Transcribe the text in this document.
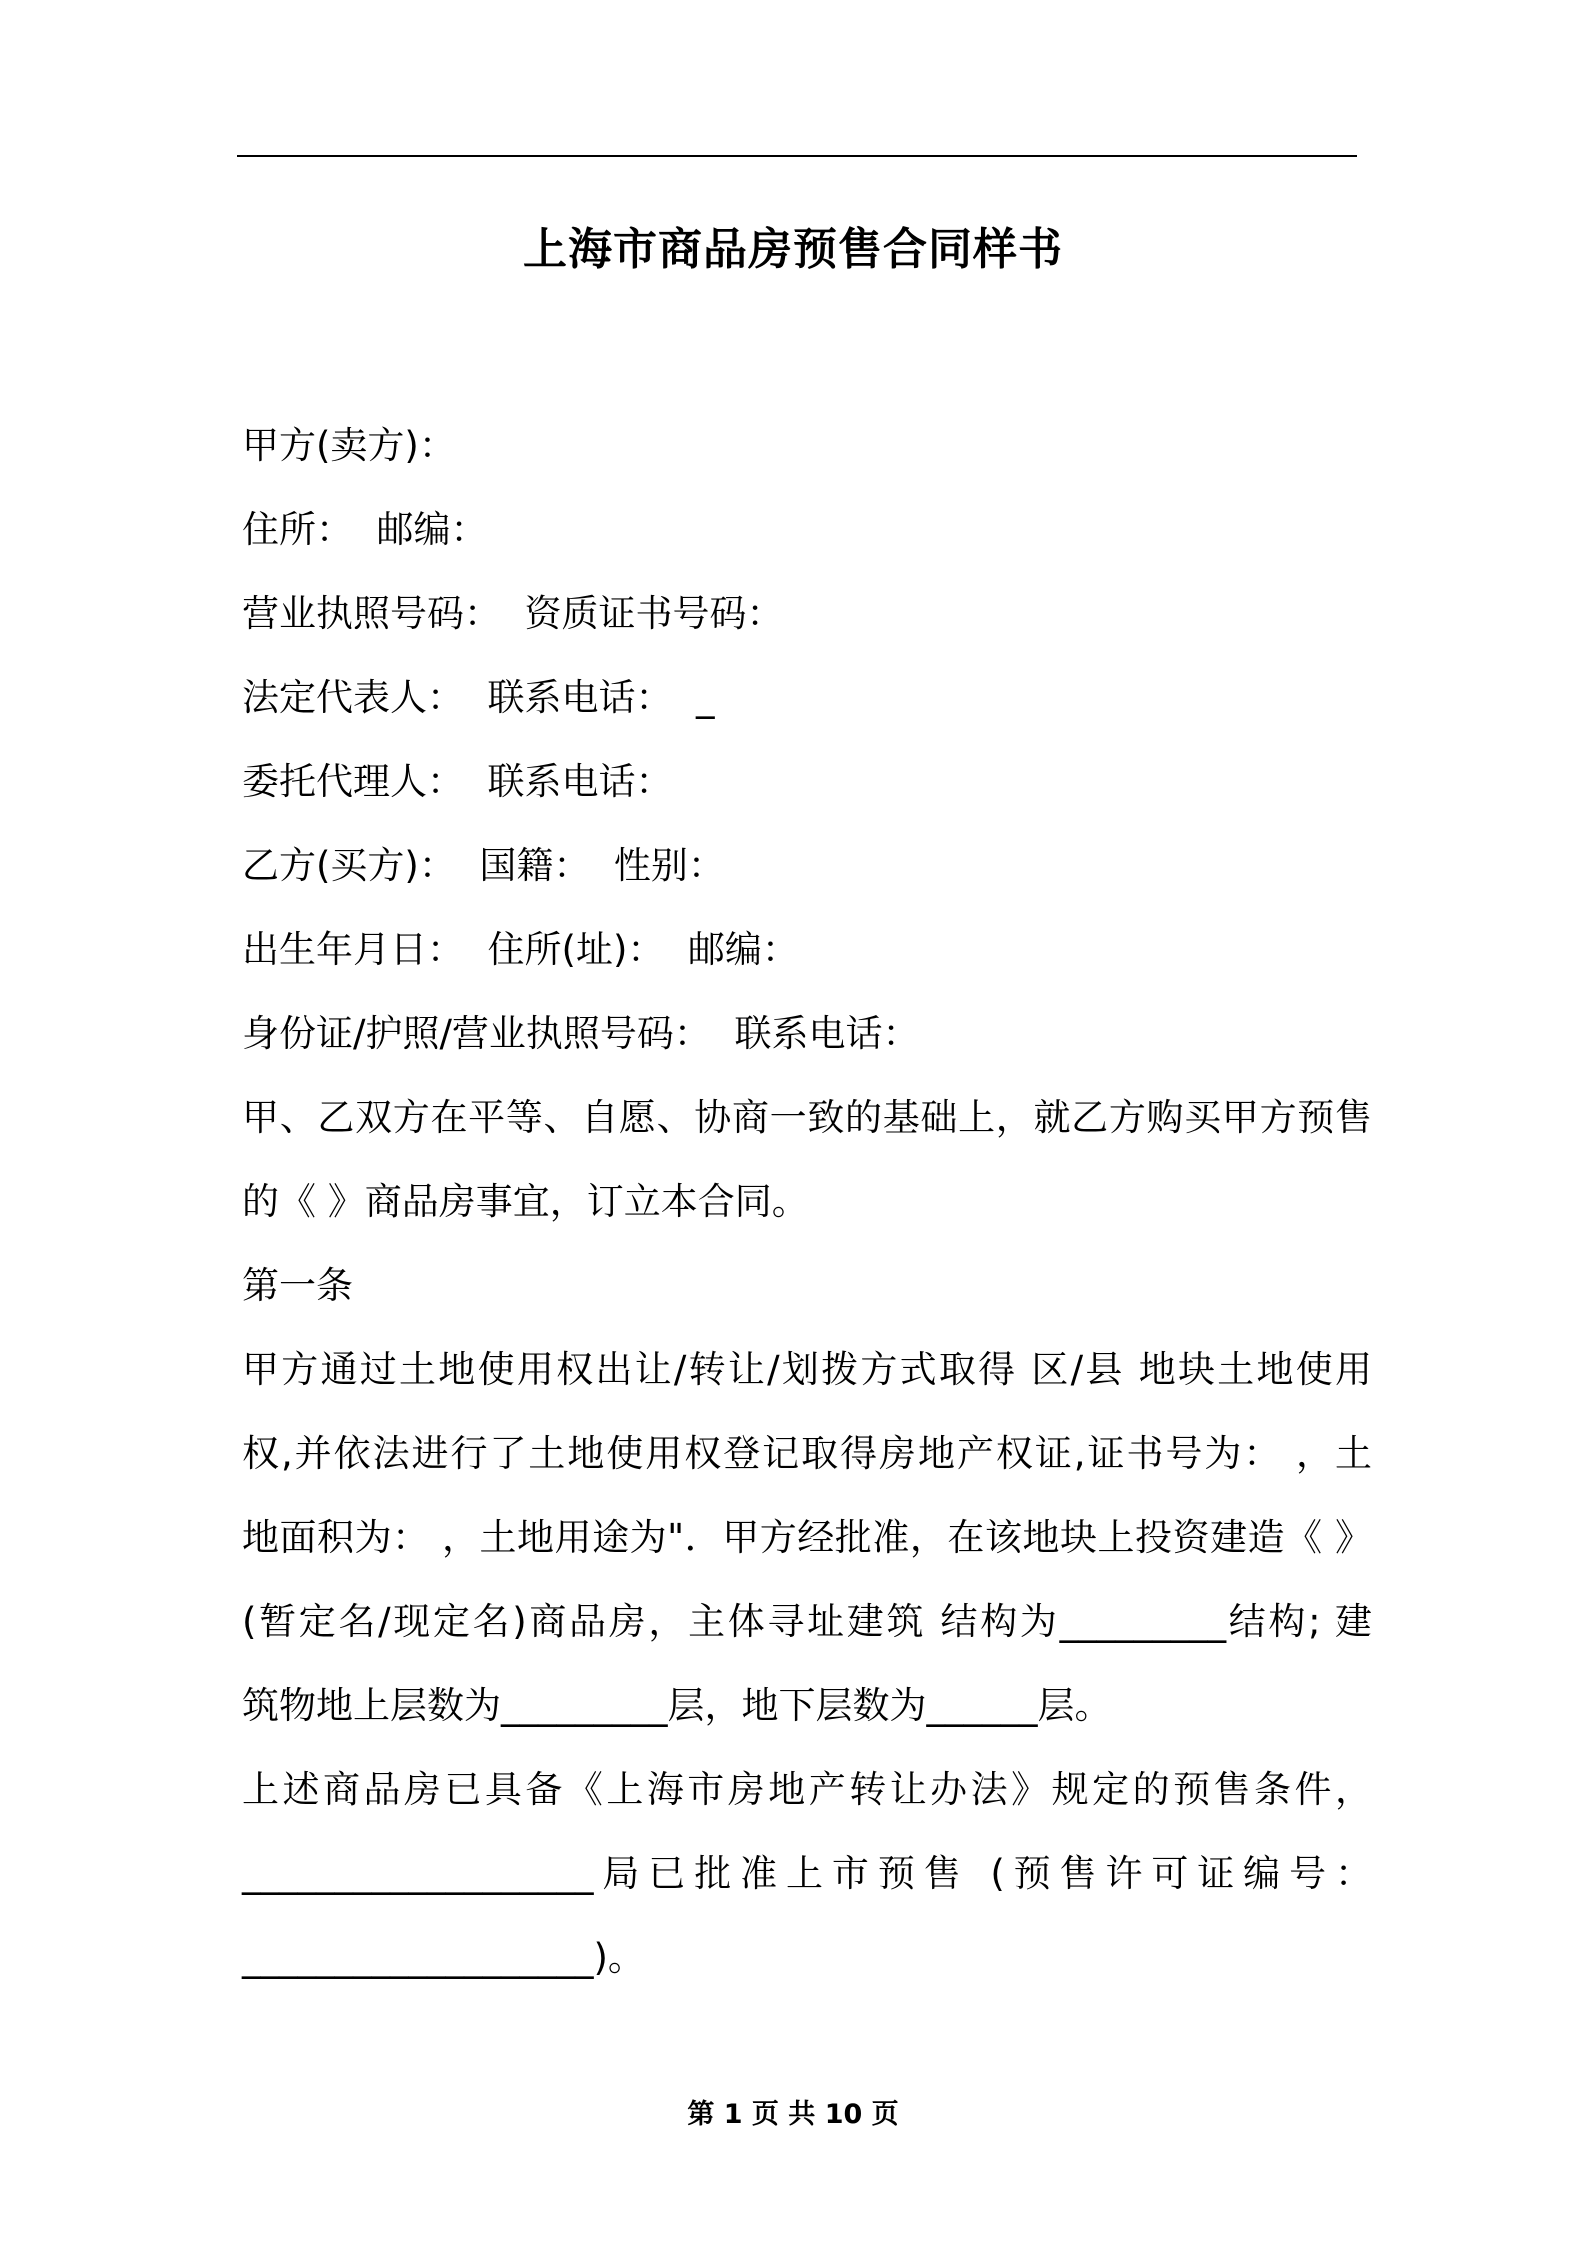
上海市商品房预售合同样书
甲方(卖方)：
住所：  邮编：
营业执照号码：  资质证书号码：
法定代表人：  联系电话：  _
委托代理人：  联系电话：
乙方(买方)：  国籍：  性别：
出生年月日：  住所(址)：  邮编：
身份证/护照/营业执照号码：  联系电话：
甲、乙双方在平等、自愿、协商一致的基础上，就乙方购买甲方预售
的《 》商品房事宜，订立本合同。
第一条
甲方通过土地使用权出让/转让/划拨方式取得 区/县 地块土地使用
权,并依法进行了土地使用权登记取得房地产权证,证书号为： ，土
地面积为： ，土地用途为"．甲方经批准，在该地块上投资建造《 》
(暂定名/现定名)商品房，主体寻址建筑 结构为_________结构; 建
筑物地上层数为_________层，地下层数为______层。
上述商品房已具备《上海市房地产转让办法》规定的预售条件，
___________________局已批准上市预售 (预售许可证编号：
___________________)。
第 1 页 共 10 页
